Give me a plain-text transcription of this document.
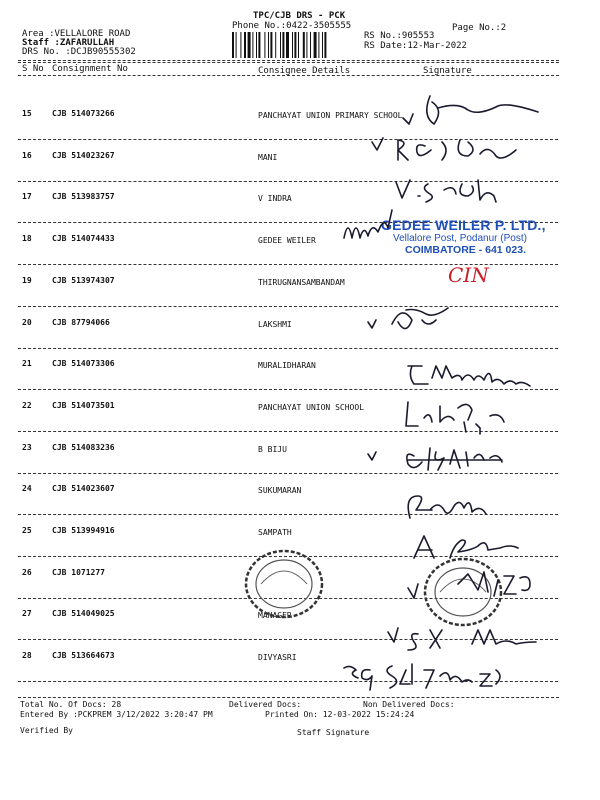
TPC/CJB DRS - PCK
Phone No.:0422-3505555	Page No.:2
Area :VELLALORE ROAD
Staff :ZAFARULLAH
DRS No. :DCJB90555302
RS No.:905553
RS Date:12-Mar-2022
S No Consignment No	Consignee Details	Signature
15	CJB 514073266	PANCHAYAT UNION PRIMARY SCHOOL
16	CJB 514023267	MANI
17	CJB 513983757	V INDRA
18	CJB 514074433	GEDEE WEILER
19	CJB 513974307	THIRUGNANSAMBANDAM
20	CJB 87794066	LAKSHMI
21	CJB 514073306	MURALIDHARAN
22	CJB 514073501	PANCHAYAT UNION SCHOOL
23	CJB 514083236	B BIJU
24	CJB 514023607	SUKUMARAN
25	CJB 513994916	SAMPATH
26	CJB 1071277
27	CJB 514049025	MANAGER
28	CJB 513664673	DIVYASRI
GEDEE WEILER P. LTD.,
Vellalore Post, Podanur (Post)
COIMBATORE - 641 023.
CIN
Total No. Of Docs: 28	Delivered Docs:	Non Delivered Docs:
Entered By :PCKPREM 3/12/2022 3:20:47 PM	Printed On: 12-03-2022 15:24:24
Verified By	Staff Signature
